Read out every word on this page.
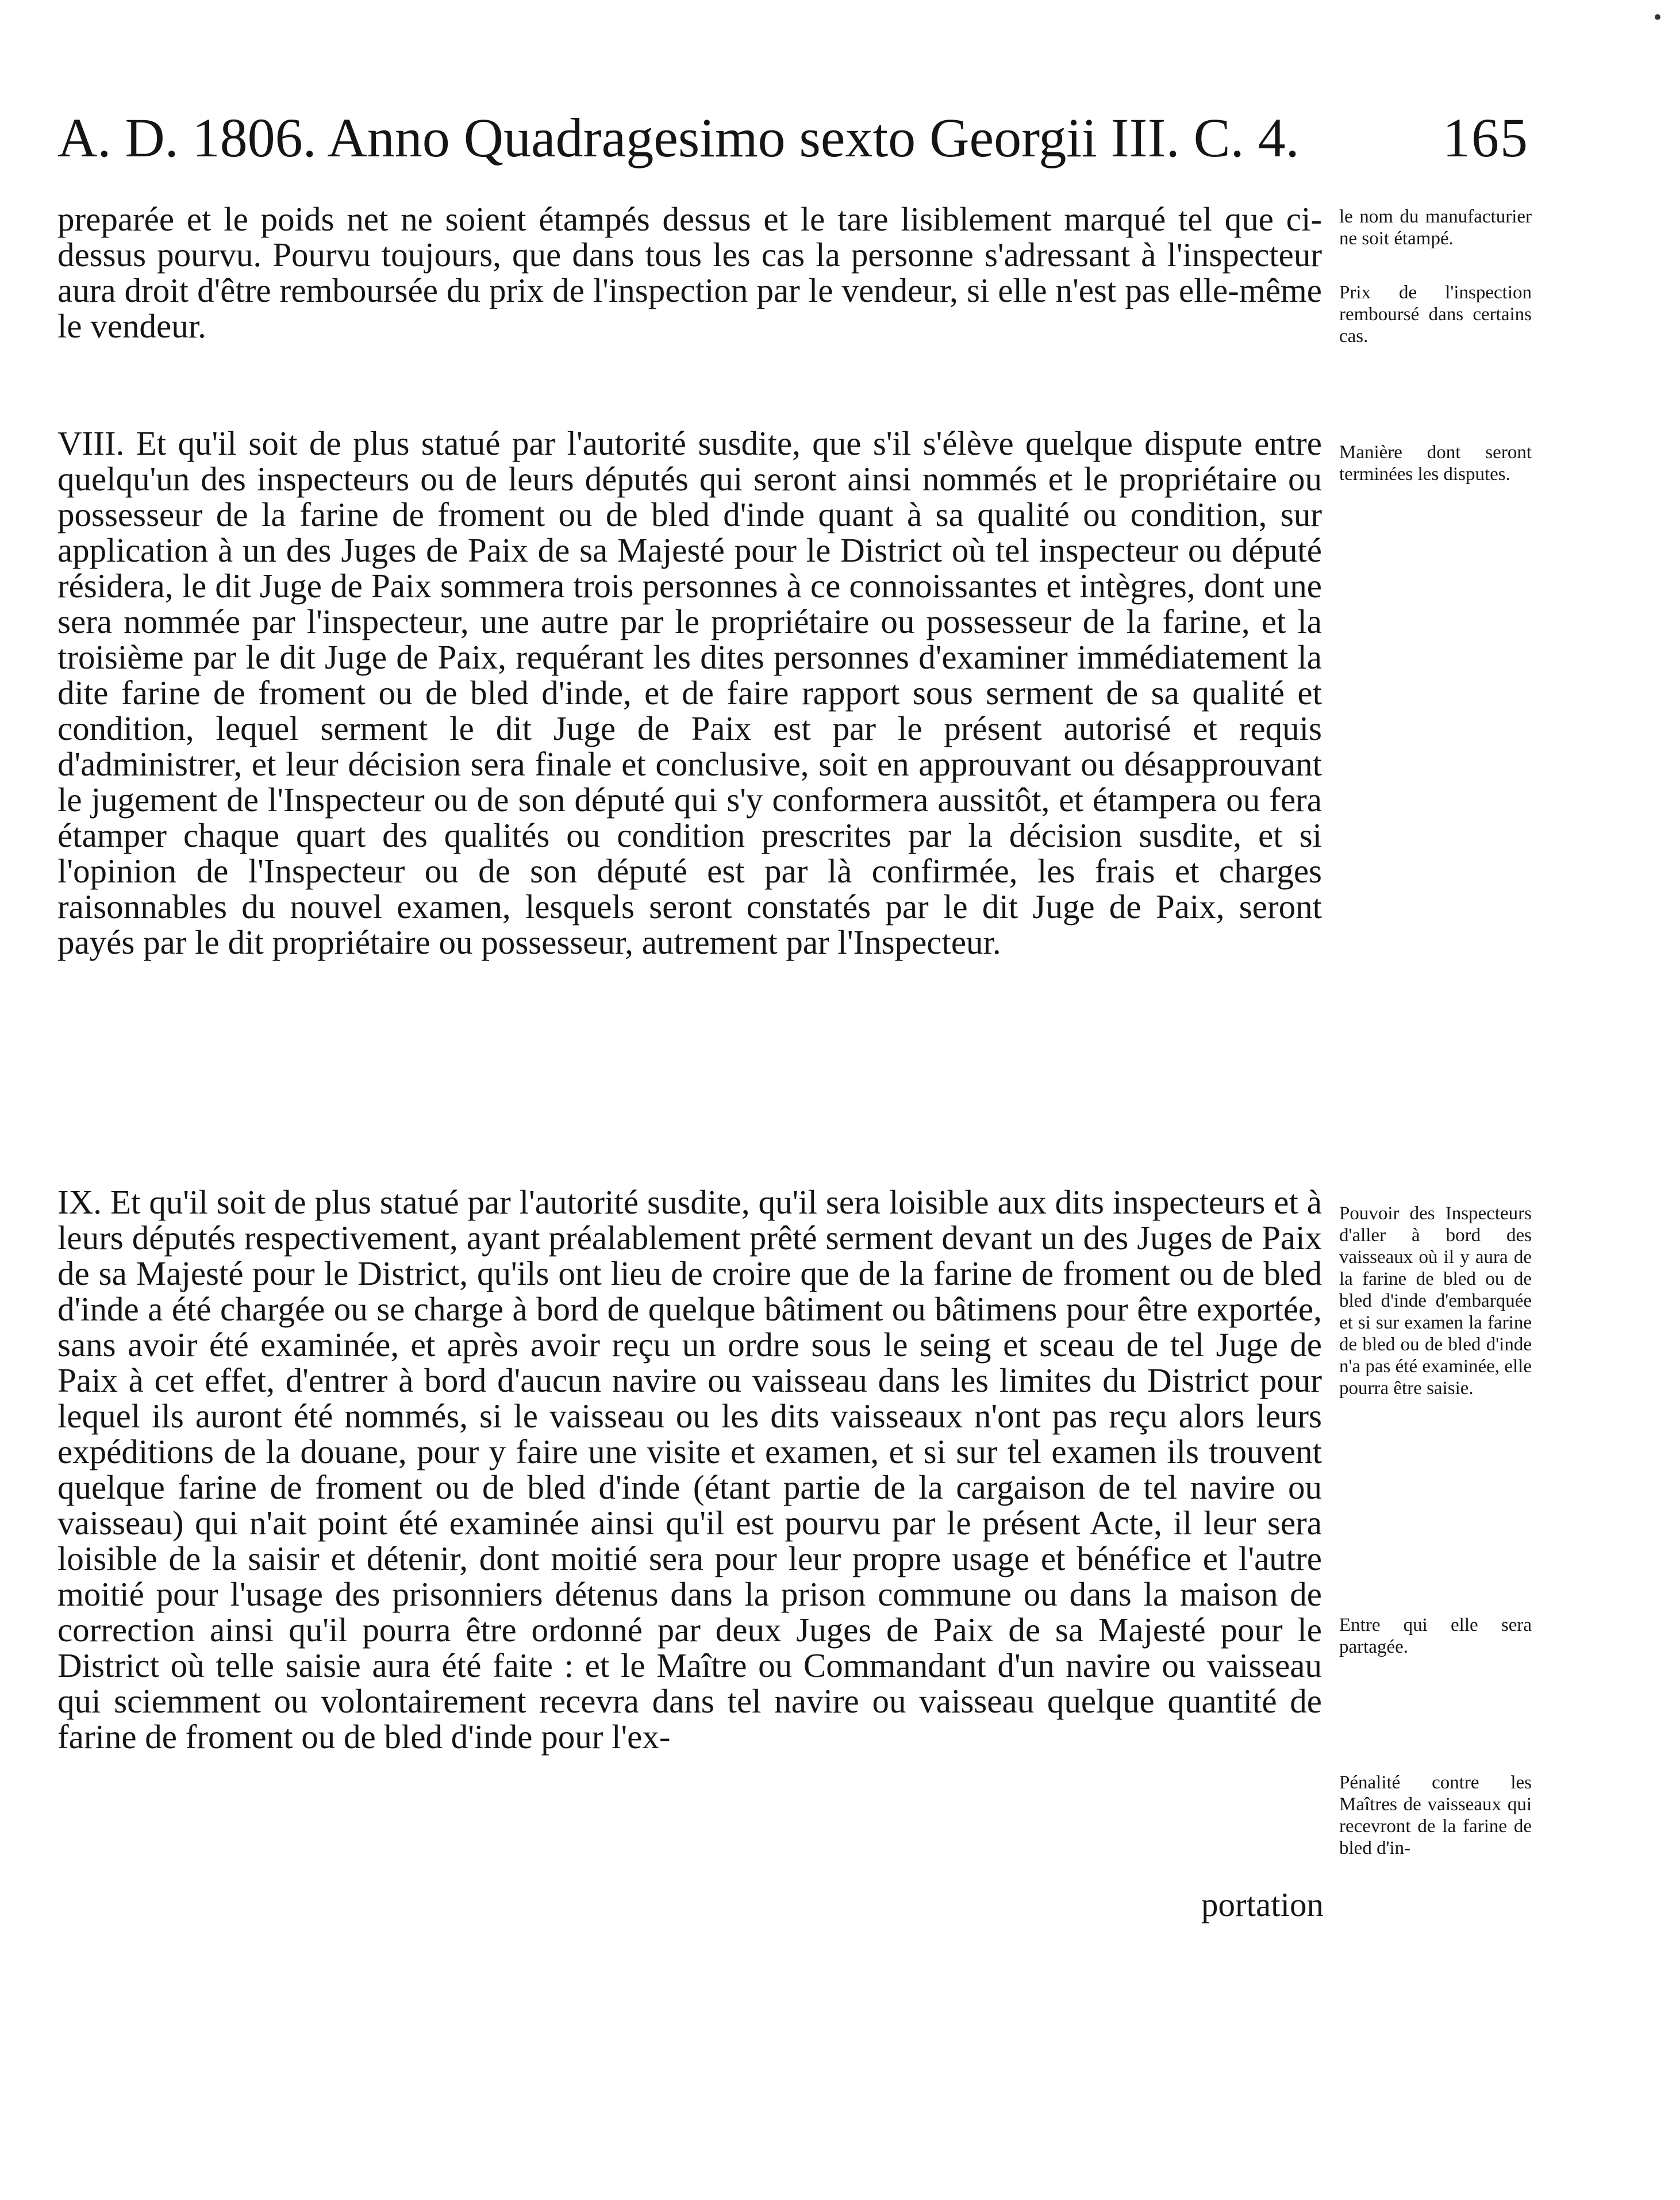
•
A. D. 1806. Anno Quadragesimo sexto Georgii III. C. 4.	165
preparée et le poids net ne soient étampés dessus et le tare lisiblement marqué tel que ci-dessus pourvu. Pourvu toujours, que dans tous les cas la personne s'adressant à l'inspecteur aura droit d'être remboursée du prix de l'inspection par le vendeur, si elle n'est pas elle-même le vendeur.
VIII. Et qu'il soit de plus statué par l'autorité susdite, que s'il s'élève quelque dispute entre quelqu'un des inspecteurs ou de leurs députés qui seront ainsi nommés et le propriétaire ou possesseur de la farine de froment ou de bled d'inde quant à sa qualité ou condition, sur application à un des Juges de Paix de sa Majesté pour le District où tel inspecteur ou député résidera, le dit Juge de Paix sommera trois personnes à ce connoissantes et intègres, dont une sera nommée par l'inspecteur, une autre par le propriétaire ou possesseur de la farine, et la troisième par le dit Juge de Paix, requérant les dites personnes d'examiner immédiatement la dite farine de froment ou de bled d'inde, et de faire rapport sous serment de sa qualité et condition, lequel serment le dit Juge de Paix est par le présent autorisé et requis d'administrer, et leur décision sera finale et conclusive, soit en approuvant ou désapprouvant le jugement de l'Inspecteur ou de son député qui s'y conformera aussitôt, et étampera ou fera étamper chaque quart des qualités ou condition prescrites par la décision susdite, et si l'opinion de l'Inspecteur ou de son député est par là confirmée, les frais et charges raisonnables du nouvel examen, lesquels seront constatés par le dit Juge de Paix, seront payés par le dit propriétaire ou possesseur, autrement par l'Inspecteur.
IX. Et qu'il soit de plus statué par l'autorité susdite, qu'il sera loisible aux dits inspecteurs et à leurs députés respectivement, ayant préalablement prêté serment devant un des Juges de Paix de sa Majesté pour le District, qu'ils ont lieu de croire que de la farine de froment ou de bled d'inde a été chargée ou se charge à bord de quelque bâtiment ou bâtimens pour être exportée, sans avoir été examinée, et après avoir reçu un ordre sous le seing et sceau de tel Juge de Paix à cet effet, d'entrer à bord d'aucun navire ou vaisseau dans les limites du District pour lequel ils auront été nommés, si le vaisseau ou les dits vaisseaux n'ont pas reçu alors leurs expéditions de la douane, pour y faire une visite et examen, et si sur tel examen ils trouvent quelque farine de froment ou de bled d'inde (étant partie de la cargaison de tel navire ou vaisseau) qui n'ait point été examinée ainsi qu'il est pourvu par le présent Acte, il leur sera loisible de la saisir et détenir, dont moitié sera pour leur propre usage et bénéfice et l'autre moitié pour l'usage des prisonniers détenus dans la prison commune ou dans la maison de correction ainsi qu'il pourra être ordonné par deux Juges de Paix de sa Majesté pour le District où telle saisie aura été faite : et le Maître ou Commandant d'un navire ou vaisseau qui sciemment ou volontairement recevra dans tel navire ou vaisseau quelque quantité de farine de froment ou de bled d'inde pour l'ex-
portation
le nom du manufacturier ne soit étampé.
Prix de l'inspection remboursé dans certains cas.
Manière dont seront terminées les disputes.
Pouvoir des Inspecteurs d'aller à bord des vaisseaux où il y aura de la farine de bled ou de bled d'inde d'embarquée et si sur examen la farine de bled ou de bled d'inde n'a pas été examinée, elle pourra être saisie.
Entre qui elle sera partagée.
Pénalité contre les Maîtres de vaisseaux qui recevront de la farine de bled d'in-
